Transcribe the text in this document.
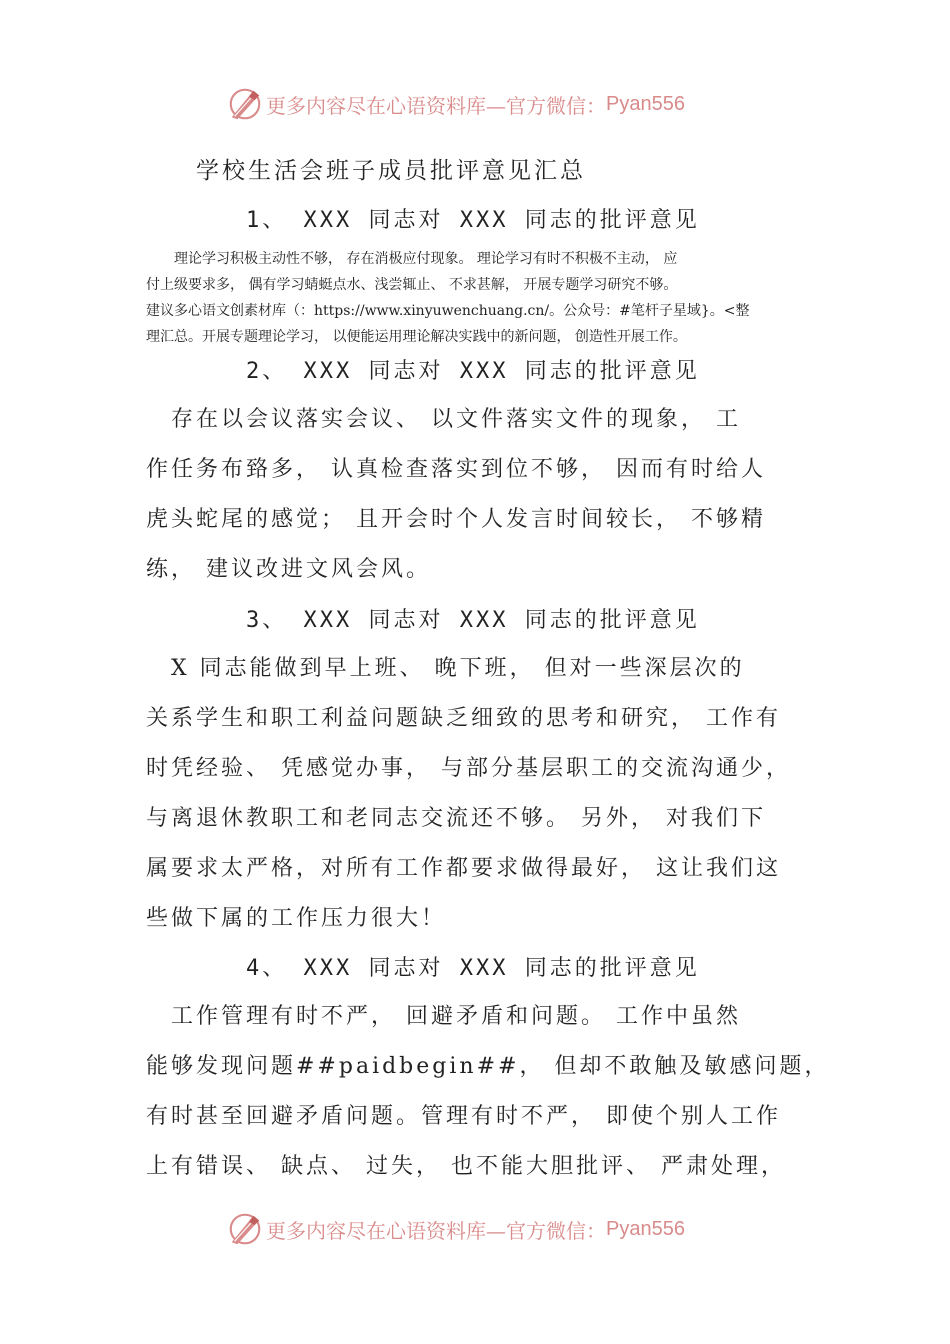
更多内容尽在心语资料库—官方微信： Pyan556
学校生活会班子成员批评意见汇总
1、 XXX 同志对 XXX 同志的批评意见
　　理论学习积极主动性不够， 存在消极应付现象。 理论学习有时不积极不主动， 应
付上级要求多， 偶有学习蜻蜓点水、浅尝辄止、 不求甚解， 开展专题学习研究不够。
建议多心语文创素材库（：https://www.xinyuwenchuang.cn/。公众号：#笔杆子星域}。<整
理汇总。开展专题理论学习， 以便能运用理论解决实践中的新问题， 创造性开展工作。
2、 XXX 同志对 XXX 同志的批评意见
　存在以会议落实会议、 以文件落实文件的现象， 工
作任务布臵多， 认真检查落实到位不够， 因而有时给人
虎头蛇尾的感觉； 且开会时个人发言时间较长， 不够精
练， 建议改进文风会风。
3、 XXX 同志对 XXX 同志的批评意见
　X 同志能做到早上班、 晚下班， 但对一些深层次的
关系学生和职工利益问题缺乏细致的思考和研究， 工作有
时凭经验、 凭感觉办事， 与部分基层职工的交流沟通少，
与离退休教职工和老同志交流还不够。 另外， 对我们下
属要求太严格，对所有工作都要求做得最好， 这让我们这
些做下属的工作压力很大！
4、 XXX 同志对 XXX 同志的批评意见
　工作管理有时不严， 回避矛盾和问题。 工作中虽然
能够发现问题##paidbegin##， 但却不敢触及敏感问题，
有时甚至回避矛盾问题。管理有时不严， 即使个别人工作
上有错误、 缺点、 过失， 也不能大胆批评、 严肃处理，
更多内容尽在心语资料库—官方微信： Pyan556
